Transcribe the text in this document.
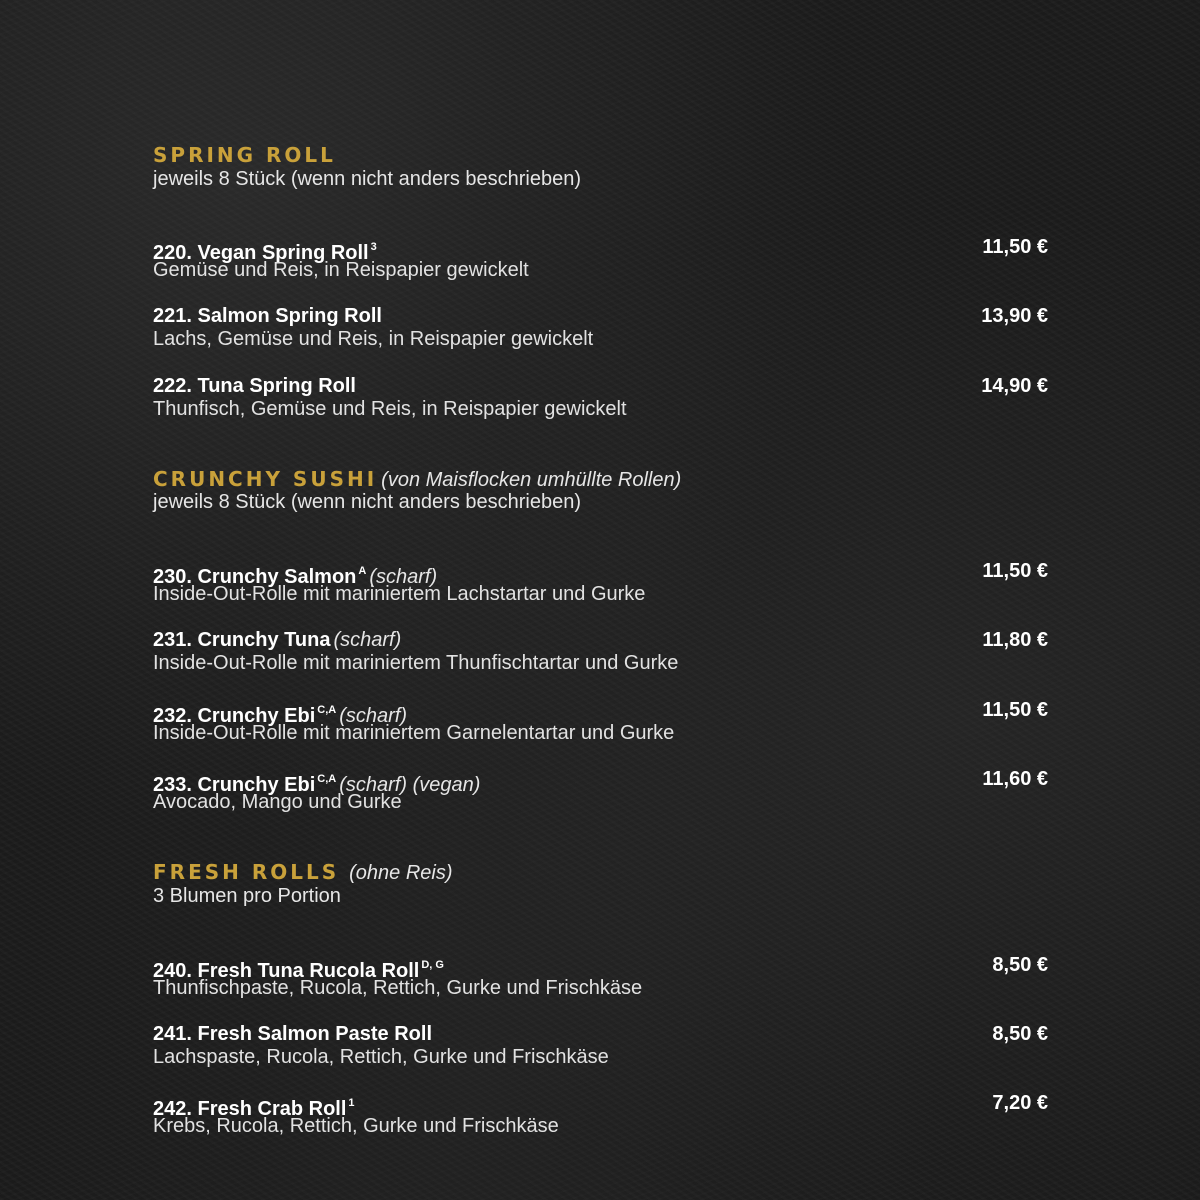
SPRING ROLL
jeweils 8 Stück (wenn nicht anders beschrieben)
220. Vegan Spring Roll $^3$
Gemüse und Reis, in Reispapier gewickelt
11,50 €
221. Salmon Spring Roll
Lachs, Gemüse und Reis, in Reispapier gewickelt
13,90 €
222. Tuna Spring Roll
Thunfisch, Gemüse und Reis, in Reispapier gewickelt
14,90 €
CRUNCHY SUSHI (von Maisflocken umhüllte Rollen)
jeweils 8 Stück (wenn nicht anders beschrieben)
230. Crunchy Salmon $^A$ (scharf)
Inside-Out-Rolle mit mariniertem Lachstartar und Gurke
11,50 €
231. Crunchy Tuna (scharf)
Inside-Out-Rolle mit mariniertem Thunfischtartar und Gurke
11,80 €
232. Crunchy Ebi $^{C,A}$ (scharf)
Inside-Out-Rolle mit mariniertem Garnelentartar und Gurke
11,50 €
233. Crunchy Ebi $^{C,A}$ (scharf) (vegan)
Avocado, Mango und Gurke
11,60 €
FRESH ROLLS (ohne Reis)
3 Blumen pro Portion
240. Fresh Tuna Rucola Roll $^{D, G}$
Thunfischpaste, Rucola, Rettich, Gurke und Frischkäse
8,50 €
241. Fresh Salmon Paste Roll
Lachspaste, Rucola, Rettich, Gurke und Frischkäse
8,50 €
242. Fresh Crab Roll $^1$
Krebs, Rucola, Rettich, Gurke und Frischkäse
7,20 €
